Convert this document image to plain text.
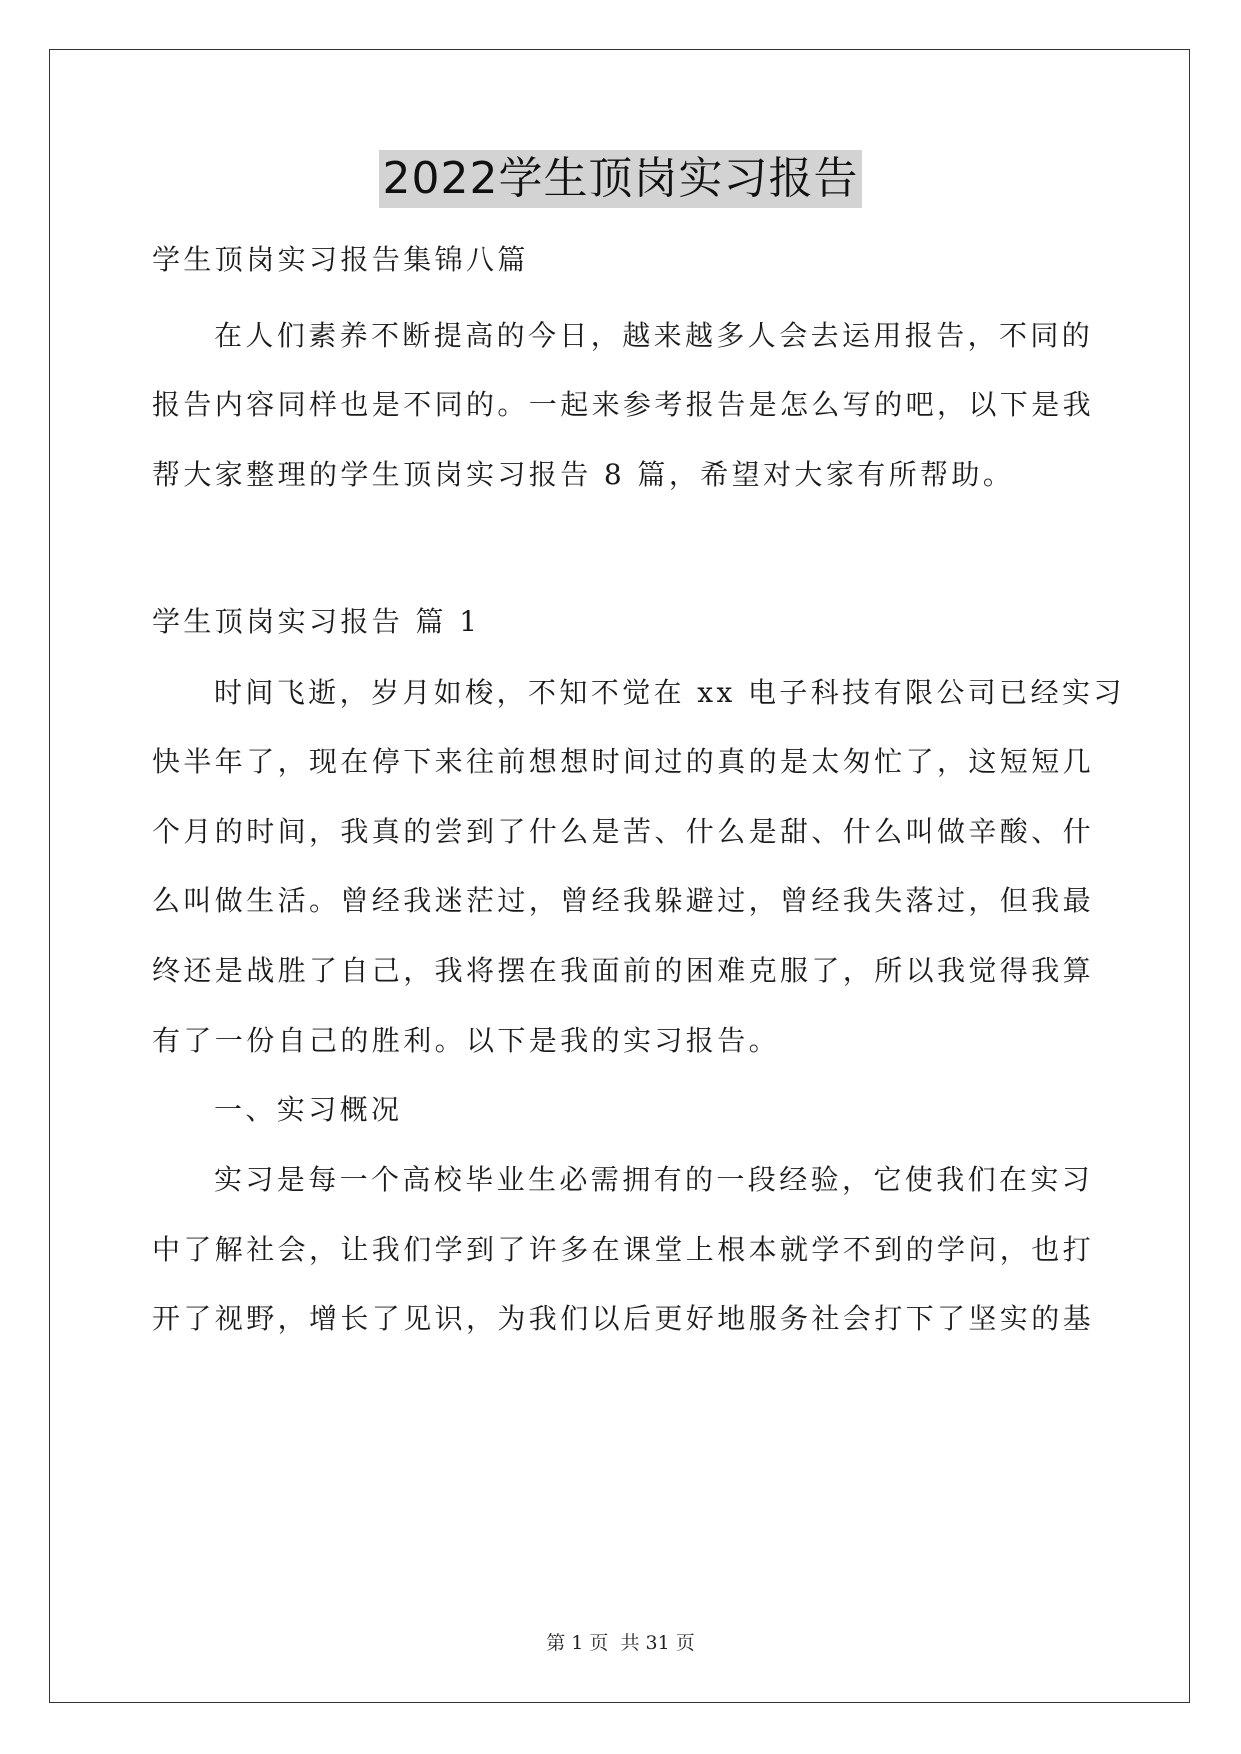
2022学生顶岗实习报告
学生顶岗实习报告集锦八篇
在人们素养不断提高的今日，越来越多人会去运用报告，不同的
报告内容同样也是不同的。一起来参考报告是怎么写的吧，以下是我
帮大家整理的学生顶岗实习报告 8 篇，希望对大家有所帮助。
学生顶岗实习报告 篇 1
时间飞逝，岁月如梭，不知不觉在 xx 电子科技有限公司已经实习
快半年了，现在停下来往前想想时间过的真的是太匆忙了，这短短几
个月的时间，我真的尝到了什么是苦、什么是甜、什么叫做辛酸、什
么叫做生活。曾经我迷茫过，曾经我躲避过，曾经我失落过，但我最
终还是战胜了自己，我将摆在我面前的困难克服了，所以我觉得我算
有了一份自己的胜利。以下是我的实习报告。
一、实习概况
实习是每一个高校毕业生必需拥有的一段经验，它使我们在实习
中了解社会，让我们学到了许多在课堂上根本就学不到的学问，也打
开了视野，增长了见识，为我们以后更好地服务社会打下了坚实的基
第 1 页 共 31 页
